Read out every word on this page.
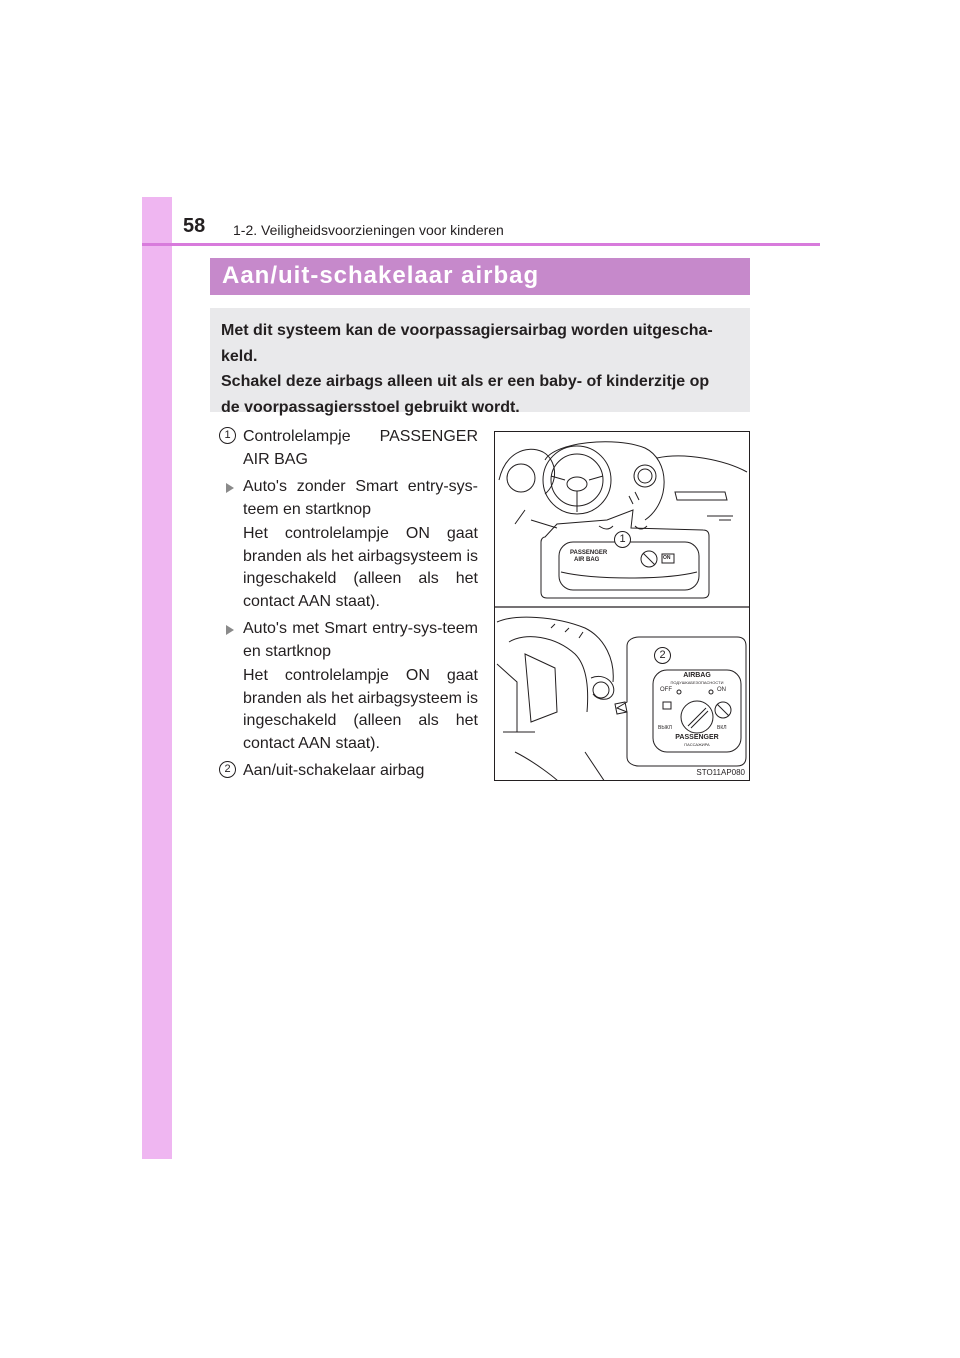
58 1-2. Veiligheidsvoorzieningen voor kinderen
Aan/uit-schakelaar airbag

Met dit systeem kan de voorpassagiersairbag worden uitgescha-
keld.
Schakel deze airbags alleen uit als er een baby- of kinderzitje op
de voorpassagiersstoel gebruikt wordt.

1 Controlelampje PASSENGER AIR BAG
Auto's zonder Smart entry-sys-teem en startknop
Het controlelampje ON gaat branden als het airbagsysteem is ingeschakeld (alleen als het contact AAN staat).
Auto's met Smart entry-sys-teem en startknop
Het controlelampje ON gaat branden als het airbagsysteem is ingeschakeld (alleen als het contact AAN staat).
2 Aan/uit-schakelaar airbag
1
PASSENGER
AIR BAG	ON
2
AIRBAG
ПОДУШКАБЕЗОПАСНОСТИ
OFF	ON
ВЫКЛ	ВКЛ
PASSENGER
ПАССАЖИРА
STO11AP080
